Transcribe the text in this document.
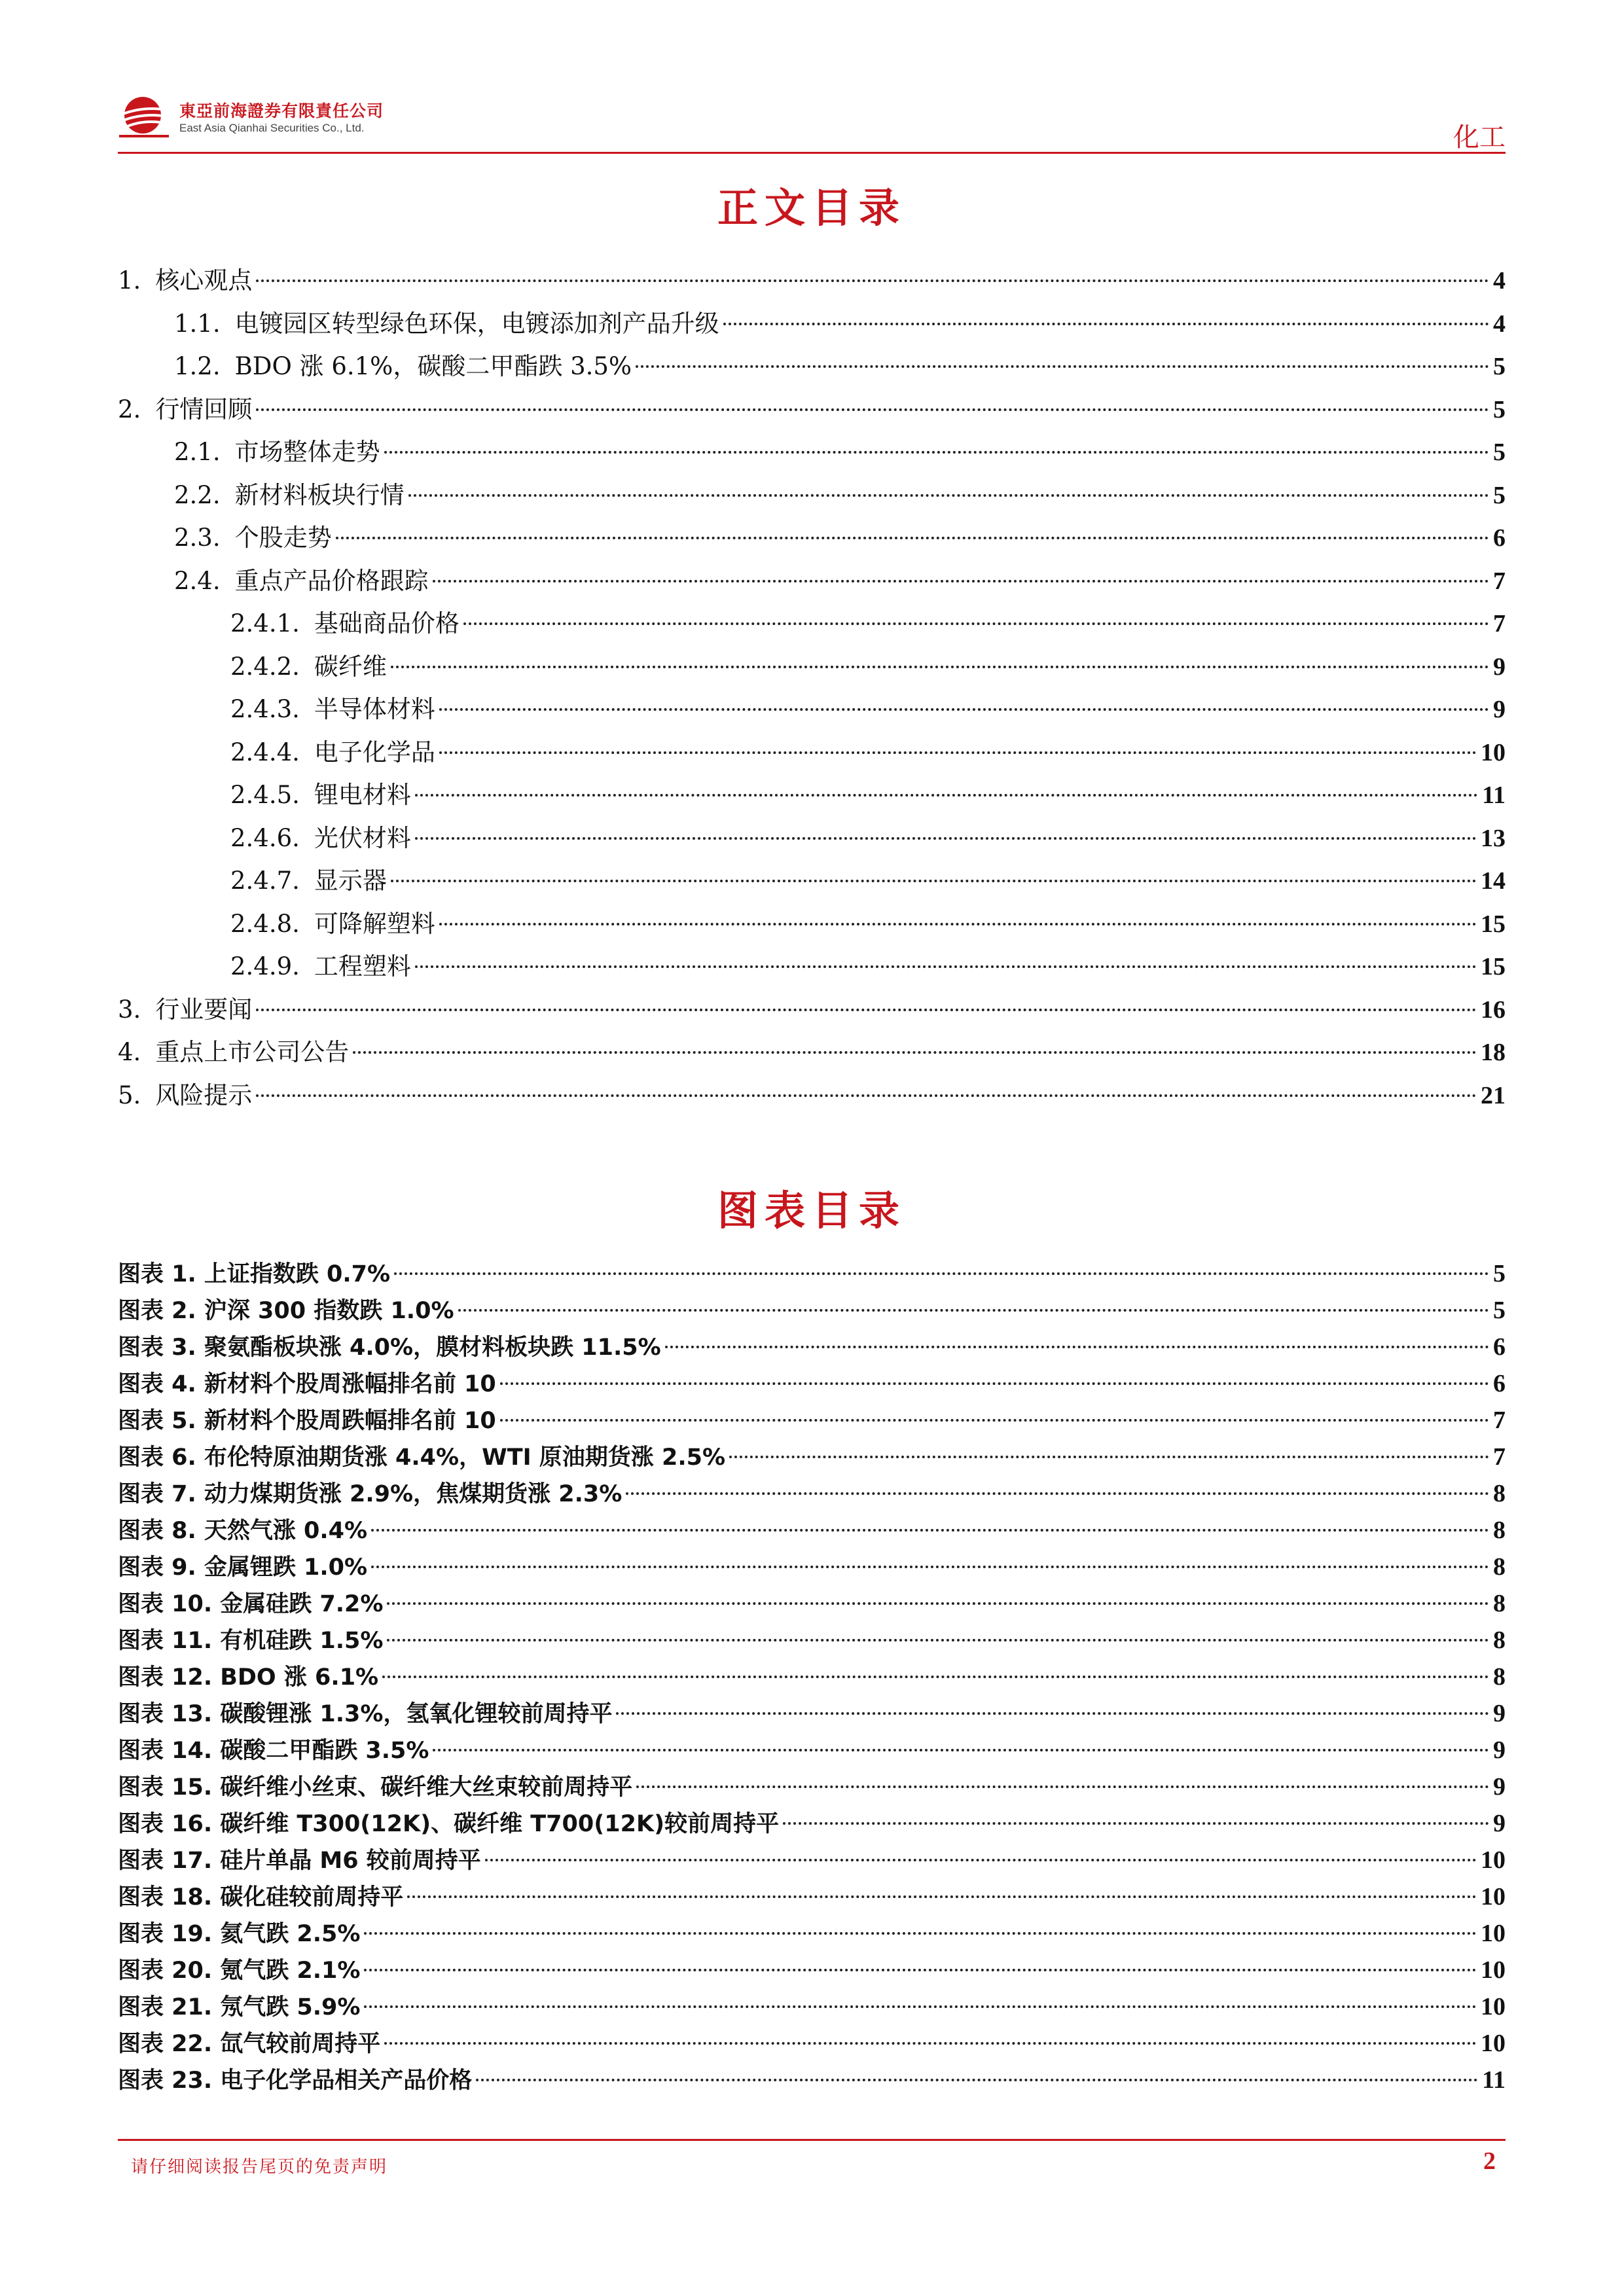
東亞前海證券有限責任公司
East Asia Qianhai Securities Co., Ltd.	化工
正文目录
1. 核心观点	4
1.1. 电镀园区转型绿色环保，电镀添加剂产品升级	4
1.2. BDO 涨 6.1%，碳酸二甲酯跌 3.5%	5
2. 行情回顾	5
2.1. 市场整体走势	5
2.2. 新材料板块行情	5
2.3. 个股走势	6
2.4. 重点产品价格跟踪	7
2.4.1. 基础商品价格	7
2.4.2. 碳纤维	9
2.4.3. 半导体材料	9
2.4.4. 电子化学品	10
2.4.5. 锂电材料	11
2.4.6. 光伏材料	13
2.4.7. 显示器	14
2.4.8. 可降解塑料	15
2.4.9. 工程塑料	15
3. 行业要闻	16
4. 重点上市公司公告	18
5. 风险提示	21
图表目录
图表 1. 上证指数跌 0.7%	5
图表 2. 沪深 300 指数跌 1.0%	5
图表 3. 聚氨酯板块涨 4.0%，膜材料板块跌 11.5%	6
图表 4. 新材料个股周涨幅排名前 10	6
图表 5. 新材料个股周跌幅排名前 10	7
图表 6. 布伦特原油期货涨 4.4%，WTI 原油期货涨 2.5%	7
图表 7. 动力煤期货涨 2.9%，焦煤期货涨 2.3%	8
图表 8. 天然气涨 0.4%	8
图表 9. 金属锂跌 1.0%	8
图表 10. 金属硅跌 7.2%	8
图表 11. 有机硅跌 1.5%	8
图表 12. BDO 涨 6.1%	8
图表 13. 碳酸锂涨 1.3%，氢氧化锂较前周持平	9
图表 14. 碳酸二甲酯跌 3.5%	9
图表 15. 碳纤维小丝束、碳纤维大丝束较前周持平	9
图表 16. 碳纤维 T300(12K)、碳纤维 T700(12K)较前周持平	9
图表 17. 硅片单晶 M6 较前周持平	10
图表 18. 碳化硅较前周持平	10
图表 19. 氦气跌 2.5%	10
图表 20. 氪气跌 2.1%	10
图表 21. 氖气跌 5.9%	10
图表 22. 氙气较前周持平	10
图表 23. 电子化学品相关产品价格	11
请仔细阅读报告尾页的免责声明	2
